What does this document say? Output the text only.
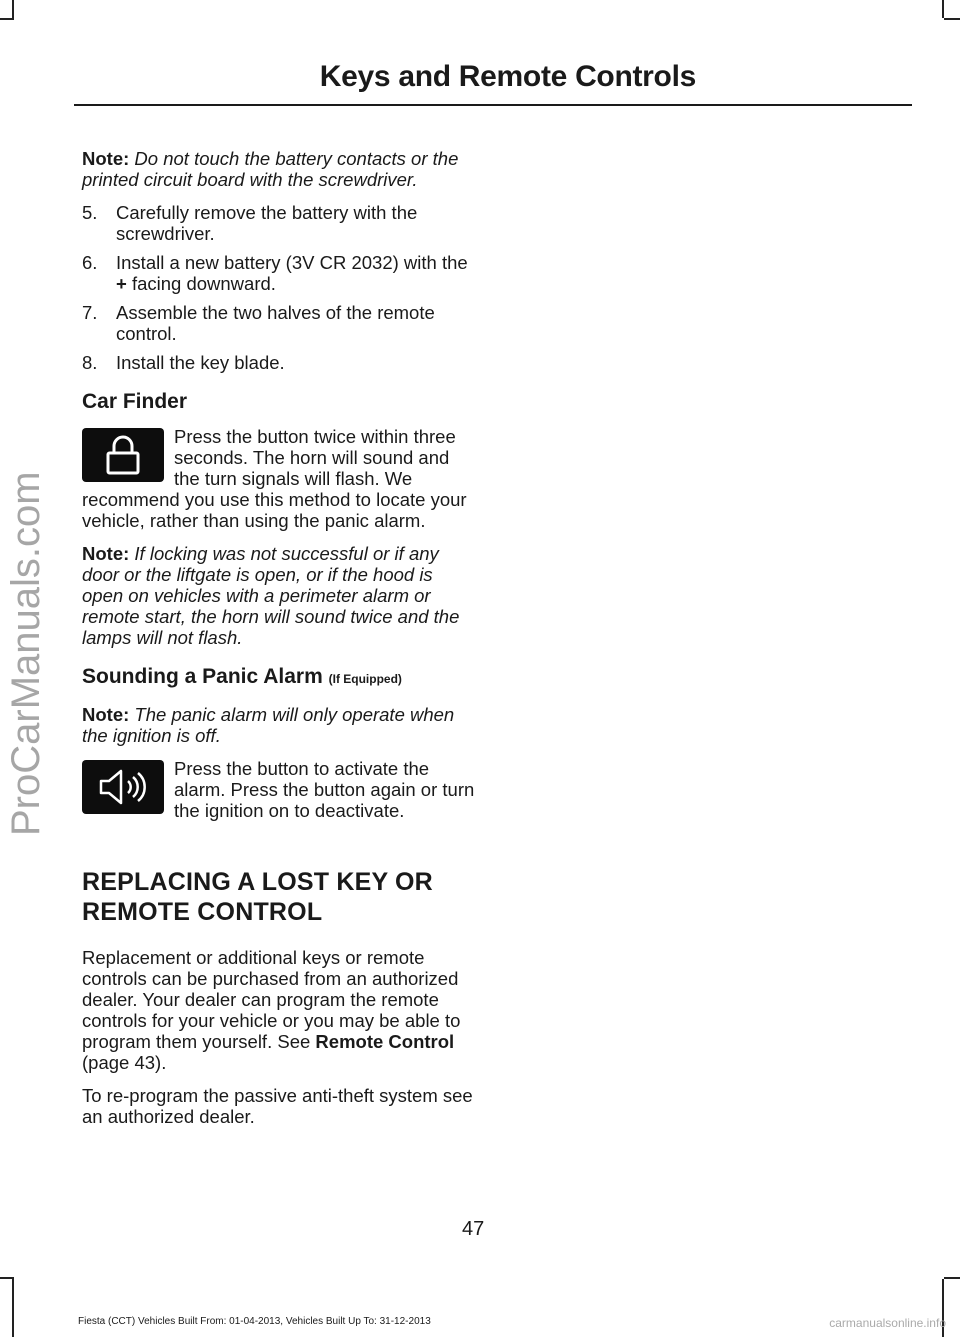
Keys and Remote Controls
ProCarManuals.com

Note: Do not touch the battery contacts or the printed circuit board with the screwdriver.

5. Carefully remove the battery with the screwdriver.
6. Install a new battery (3V CR 2032) with the + facing downward.
7. Assemble the two halves of the remote control.
8. Install the key blade.
Car Finder

Press the button twice within three seconds. The horn will sound and the turn signals will flash. We recommend you use this method to locate your vehicle, rather than using the panic alarm.

Note: If locking was not successful or if any door or the liftgate is open, or if the hood is open on vehicles with a perimeter alarm or remote start, the horn will sound twice and the lamps will not flash.

Sounding a Panic Alarm (If Equipped)

Note: The panic alarm will only operate when the ignition is off.

Press the button to activate the alarm. Press the button again or turn the ignition on to deactivate.

REPLACING A LOST KEY OR
REMOTE CONTROL

Replacement or additional keys or remote controls can be purchased from an authorized dealer. Your dealer can program the remote controls for your vehicle or you may be able to program them yourself. See Remote Control (page 43).

To re-program the passive anti-theft system see an authorized dealer.

47
Fiesta (CCT) Vehicles Built From: 01-04-2013, Vehicles Built Up To: 31-12-2013	carmanualsonline.info
